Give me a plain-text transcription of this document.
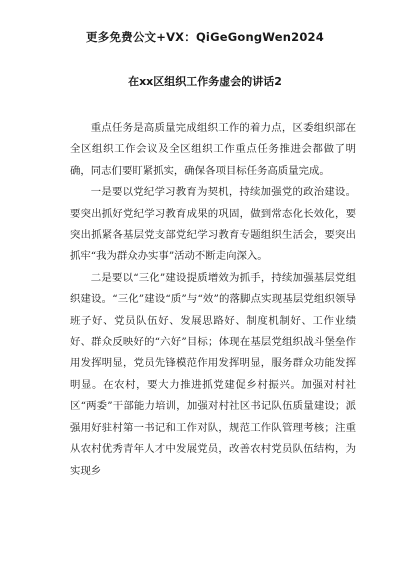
更多免费公文+VX：QiGeGongWen2024
在xx区组织工作务虚会的讲话2

重点任务是高质量完成组织工作的着力点，区委组织部在全区组织工作会议及全区组织工作重点任务推进会都做了明确，同志们要盯紧抓实，确保各项目标任务高质量完成。

一是要以党纪学习教育为契机，持续加强党的政治建设。要突出抓好党纪学习教育成果的巩固，做到常态化长效化，要突出抓紧各基层党支部党纪学习教育专题组织生活会，要突出抓牢“我为群众办实事”活动不断走向深入。

二是要以“三化”建设提质增效为抓手，持续加强基层党组织建设。“三化”建设“质”与“效”的落脚点实现基层党组织领导班子好、党员队伍好、发展思路好、制度机制好、工作业绩好、群众反映好的“六好”目标；体现在基层党组织战斗堡垒作用发挥明显，党员先锋模范作用发挥明显，服务群众功能发挥明显。在农村，要大力推进抓党建促乡村振兴。加强对村社区“两委”干部能力培训，加强对村社区书记队伍质量建设；派强用好驻村第一书记和工作对队，规范工作队管理考核；注重从农村优秀青年人才中发展党员，改善农村党员队伍结构，为实现乡
